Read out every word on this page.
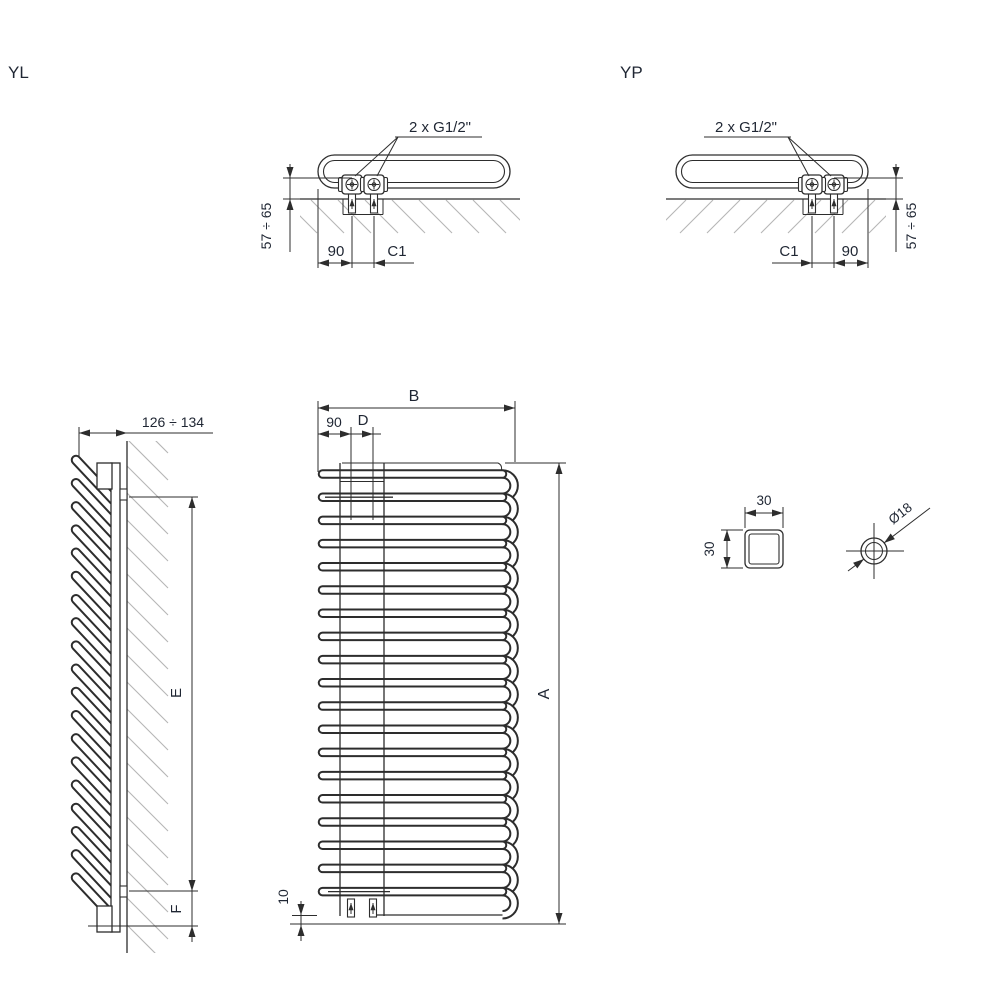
YL
2 x G1/2"
57 ÷ 65
90	C1
YP
2 x G1/2"
57 ÷ 65
C1	90
126 ÷ 134
E
F
B
90 D
A
10
30
30
Ø18
